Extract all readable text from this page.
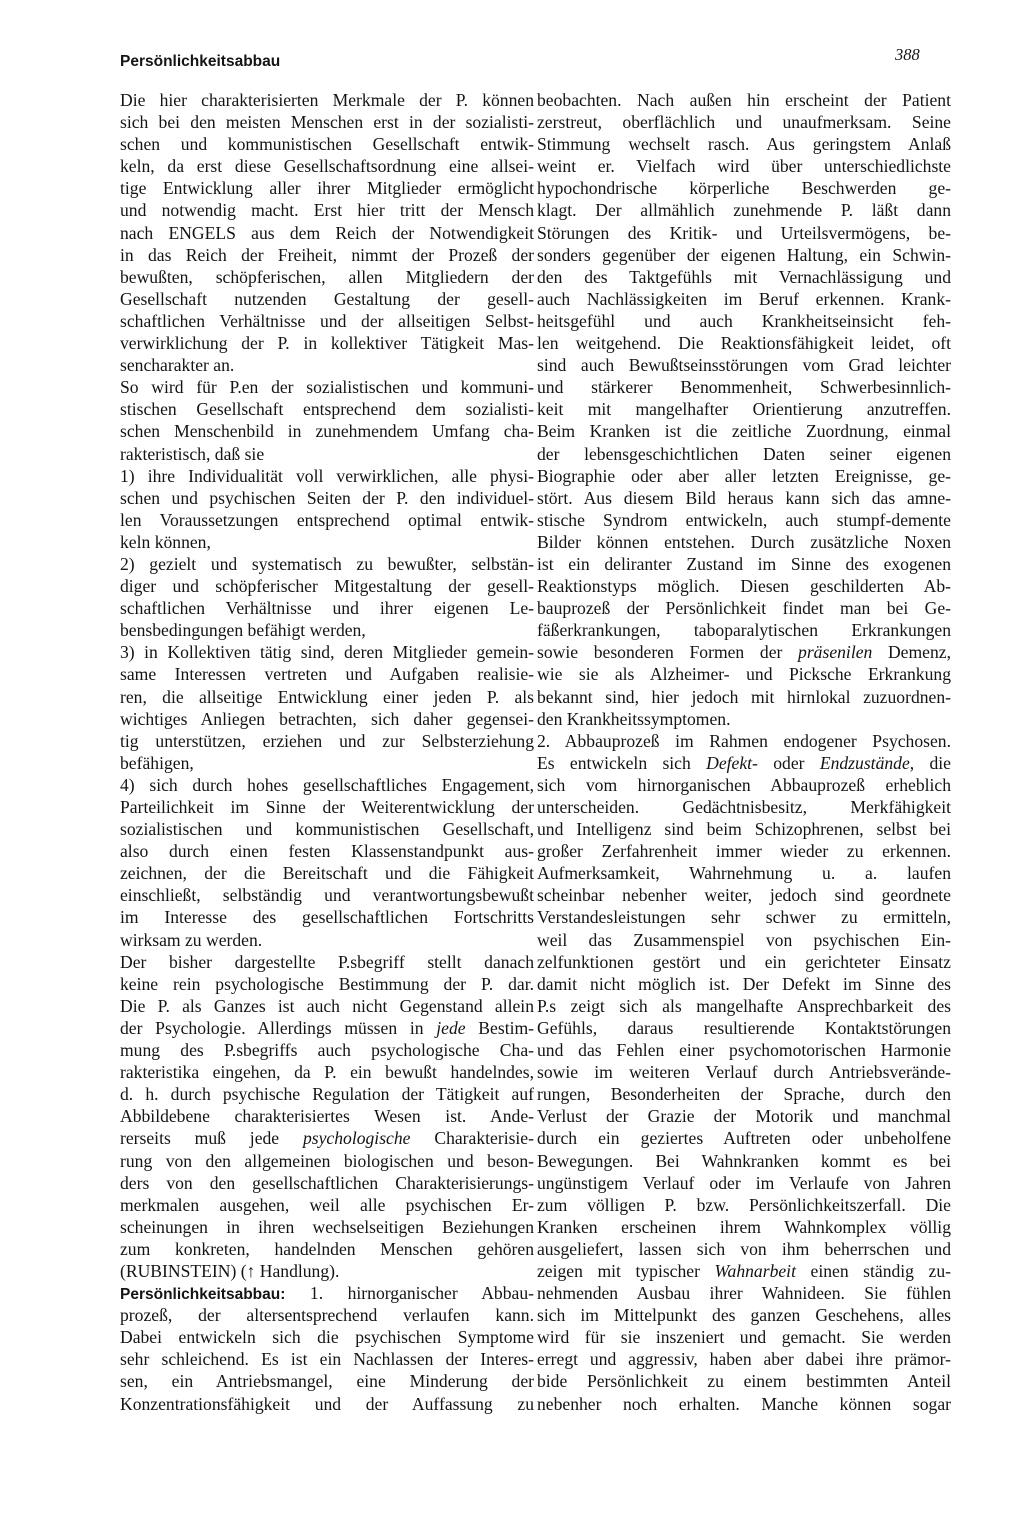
Persönlichkeitsabbau	388
Die hier charakterisierten Merkmale der P. können
sich bei den meisten Menschen erst in der sozialisti-
schen und kommunistischen Gesellschaft entwik-
keln, da erst diese Gesellschaftsordnung eine allsei-
tige Entwicklung aller ihrer Mitglieder ermöglicht
und notwendig macht. Erst hier tritt der Mensch
nach ENGELS aus dem Reich der Notwendigkeit
in das Reich der Freiheit, nimmt der Prozeß der
bewußten, schöpferischen, allen Mitgliedern der
Gesellschaft nutzenden Gestaltung der gesell-
schaftlichen Verhältnisse und der allseitigen Selbst-
verwirklichung der P. in kollektiver Tätigkeit Mas-
sencharakter an.
So wird für P.en der sozialistischen und kommuni-
stischen Gesellschaft entsprechend dem sozialisti-
schen Menschenbild in zunehmendem Umfang cha-
rakteristisch, daß sie
1) ihre Individualität voll verwirklichen, alle physi-
schen und psychischen Seiten der P. den individuel-
len Voraussetzungen entsprechend optimal entwik-
keln können,
2) gezielt und systematisch zu bewußter, selbstän-
diger und schöpferischer Mitgestaltung der gesell-
schaftlichen Verhältnisse und ihrer eigenen Le-
bensbedingungen befähigt werden,
3) in Kollektiven tätig sind, deren Mitglieder gemein-
same Interessen vertreten und Aufgaben realisie-
ren, die allseitige Entwicklung einer jeden P. als
wichtiges Anliegen betrachten, sich daher gegensei-
tig unterstützen, erziehen und zur Selbsterziehung
befähigen,
4) sich durch hohes gesellschaftliches Engagement,
Parteilichkeit im Sinne der Weiterentwicklung der
sozialistischen und kommunistischen Gesellschaft,
also durch einen festen Klassenstandpunkt aus-
zeichnen, der die Bereitschaft und die Fähigkeit
einschließt, selbständig und verantwortungsbewußt
im Interesse des gesellschaftlichen Fortschritts
wirksam zu werden.
Der bisher dargestellte P.sbegriff stellt danach
keine rein psychologische Bestimmung der P. dar.
Die P. als Ganzes ist auch nicht Gegenstand allein
der Psychologie. Allerdings müssen in jede Bestim-
mung des P.sbegriffs auch psychologische Cha-
rakteristika eingehen, da P. ein bewußt handelndes,
d. h. durch psychische Regulation der Tätigkeit auf
Abbildebene charakterisiertes Wesen ist. Ande-
rerseits muß jede psychologische Charakterisie-
rung von den allgemeinen biologischen und beson-
ders von den gesellschaftlichen Charakterisierungs-
merkmalen ausgehen, weil alle psychischen Er-
scheinungen in ihren wechselseitigen Beziehungen
zum konkreten, handelnden Menschen gehören
(RUBINSTEIN) (↑ Handlung).
Persönlichkeitsabbau: 1. hirnorganischer Abbau-
prozeß, der altersentsprechend verlaufen kann.
Dabei entwickeln sich die psychischen Symptome
sehr schleichend. Es ist ein Nachlassen der Interes-
sen, ein Antriebsmangel, eine Minderung der
Konzentrationsfähigkeit und der Auffassung zu
beobachten. Nach außen hin erscheint der Patient
zerstreut, oberflächlich und unaufmerksam. Seine
Stimmung wechselt rasch. Aus geringstem Anlaß
weint er. Vielfach wird über unterschiedlichste
hypochondrische körperliche Beschwerden ge-
klagt. Der allmählich zunehmende P. läßt dann
Störungen des Kritik- und Urteilsvermögens, be-
sonders gegenüber der eigenen Haltung, ein Schwin-
den des Taktgefühls mit Vernachlässigung und
auch Nachlässigkeiten im Beruf erkennen. Krank-
heitsgefühl und auch Krankheitseinsicht feh-
len weitgehend. Die Reaktionsfähigkeit leidet, oft
sind auch Bewußtseinsstörungen vom Grad leichter
und stärkerer Benommenheit, Schwerbesinnlich-
keit mit mangelhafter Orientierung anzutreffen.
Beim Kranken ist die zeitliche Zuordnung, einmal
der lebensgeschichtlichen Daten seiner eigenen
Biographie oder aber aller letzten Ereignisse, ge-
stört. Aus diesem Bild heraus kann sich das amne-
stische Syndrom entwickeln, auch stumpf-demente
Bilder können entstehen. Durch zusätzliche Noxen
ist ein deliranter Zustand im Sinne des exogenen
Reaktionstyps möglich. Diesen geschilderten Ab-
bauprozeß der Persönlichkeit findet man bei Ge-
fäßerkrankungen, taboparalytischen Erkrankungen
sowie besonderen Formen der präsenilen Demenz,
wie sie als Alzheimer- und Picksche Erkrankung
bekannt sind, hier jedoch mit hirnlokal zuzuordnen-
den Krankheitssymptomen.
2. Abbauprozeß im Rahmen endogener Psychosen.
Es entwickeln sich Defekt- oder Endzustände, die
sich vom hirnorganischen Abbauprozeß erheblich
unterscheiden. Gedächtnisbesitz, Merkfähigkeit
und Intelligenz sind beim Schizophrenen, selbst bei
großer Zerfahrenheit immer wieder zu erkennen.
Aufmerksamkeit, Wahrnehmung u. a. laufen
scheinbar nebenher weiter, jedoch sind geordnete
Verstandesleistungen sehr schwer zu ermitteln,
weil das Zusammenspiel von psychischen Ein-
zelfunktionen gestört und ein gerichteter Einsatz
damit nicht möglich ist. Der Defekt im Sinne des
P.s zeigt sich als mangelhafte Ansprechbarkeit des
Gefühls, daraus resultierende Kontaktstörungen
und das Fehlen einer psychomotorischen Harmonie
sowie im weiteren Verlauf durch Antriebsverände-
rungen, Besonderheiten der Sprache, durch den
Verlust der Grazie der Motorik und manchmal
durch ein geziertes Auftreten oder unbeholfene
Bewegungen. Bei Wahnkranken kommt es bei
ungünstigem Verlauf oder im Verlaufe von Jahren
zum völligen P. bzw. Persönlichkeitszerfall. Die
Kranken erscheinen ihrem Wahnkomplex völlig
ausgeliefert, lassen sich von ihm beherrschen und
zeigen mit typischer Wahnarbeit einen ständig zu-
nehmenden Ausbau ihrer Wahnideen. Sie fühlen
sich im Mittelpunkt des ganzen Geschehens, alles
wird für sie inszeniert und gemacht. Sie werden
erregt und aggressiv, haben aber dabei ihre prämor-
bide Persönlichkeit zu einem bestimmten Anteil
nebenher noch erhalten. Manche können sogar
